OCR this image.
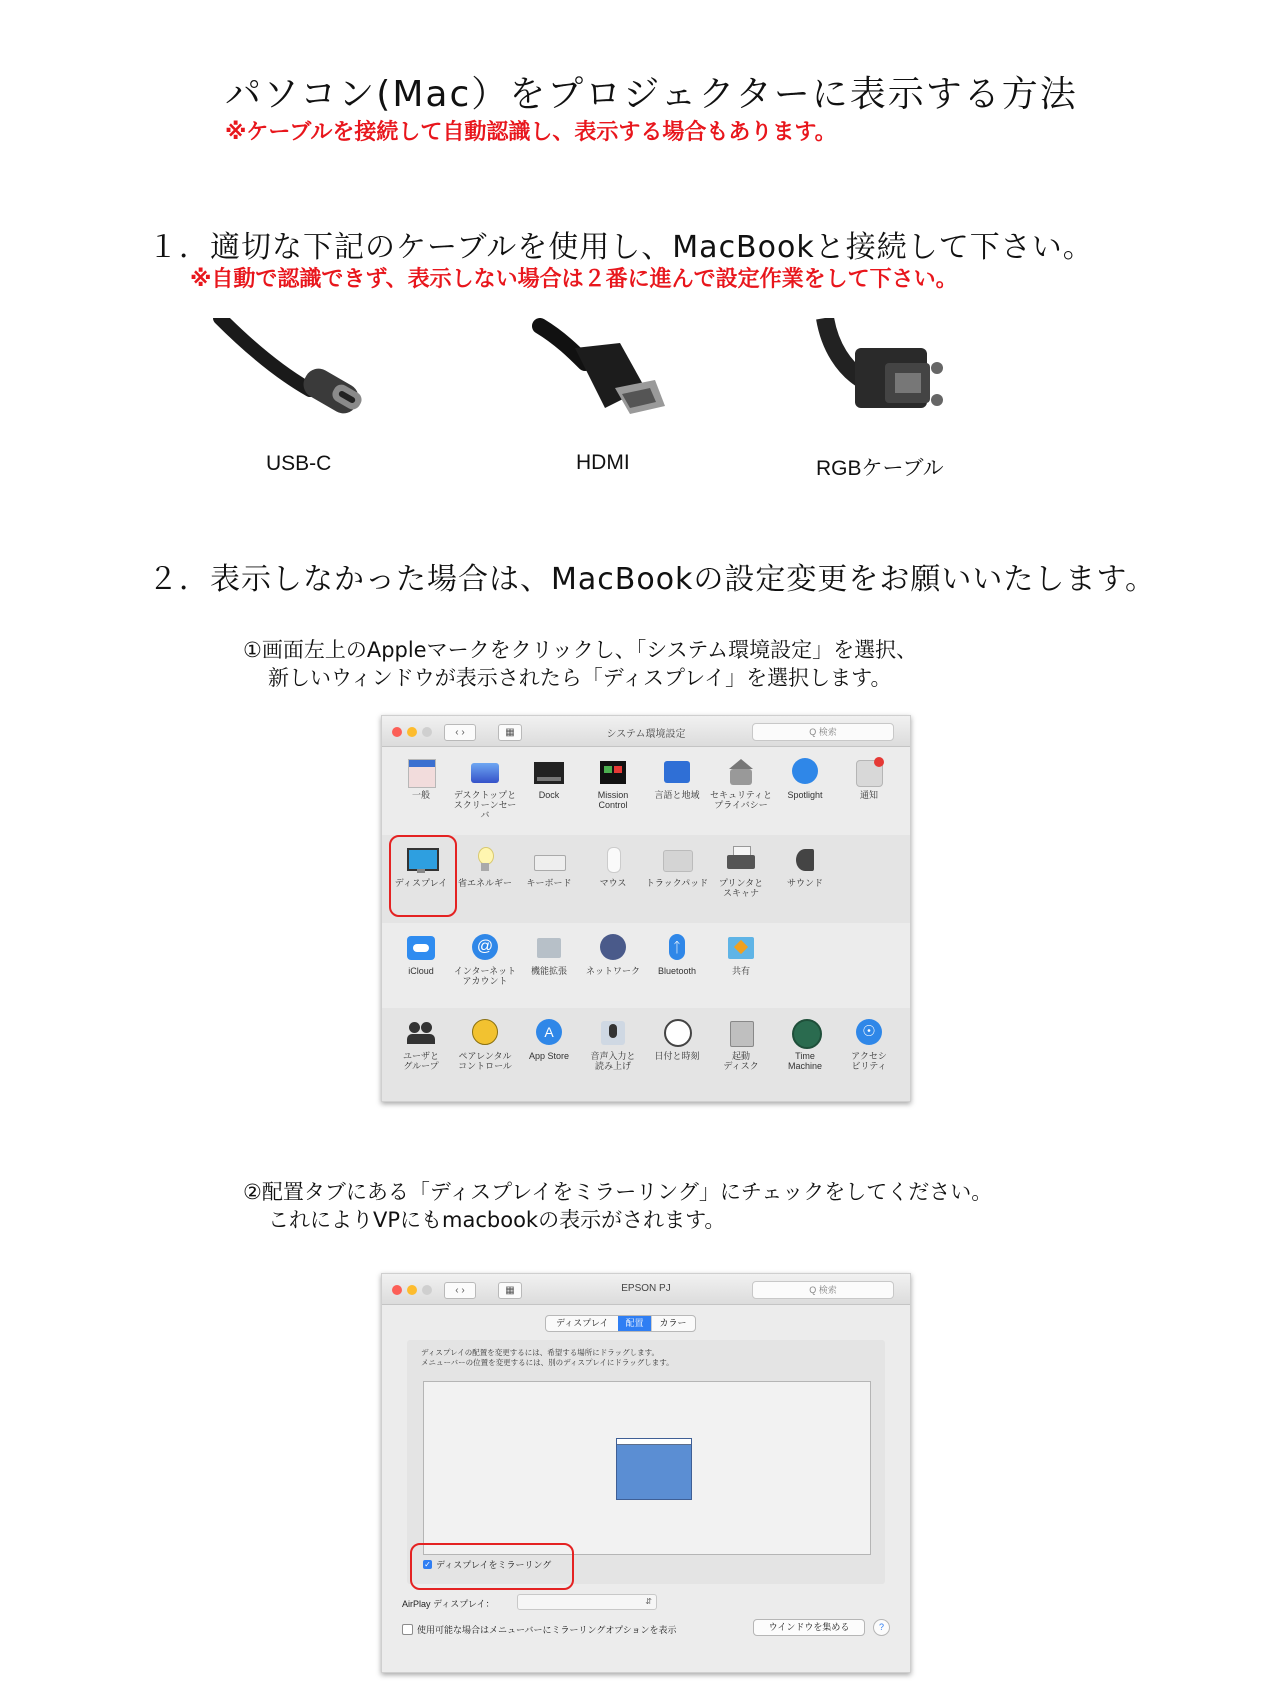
パソコン(Mac）をプロジェクターに表示する方法
※ケーブルを接続して自動認識し、表示する場合もあります。
１．適切な下記のケーブルを使用し、MacBookと接続して下さい。
※自動で認識できず、表示しない場合は２番に進んで設定作業をして下さい。
USB-C	HDMI	RGBケーブル
２．表示しなかった場合は、MacBookの設定変更をお願いいたします。
①画面左上のAppleマークをクリックし、「システム環境設定」を選択、
新しいウィンドウが表示されたら「ディスプレイ」を選択します。
‹ ›	▦	システム環境設定	Q 検索
一般	デスクトップと
スクリーンセーバ
Dock	Mission
Control
言語と地域	セキュリティと
プライバシー
Spotlight	通知
ディスプレイ	省エネルギー	キーボード	マウス	トラックパッド	プリンタと
スキャナ
サウンド
iCloud
@
インターネット
アカウント
機能拡張	ネットワーク
ᛏ
Bluetooth	共有
ユーザと
グループ
ペアレンタル
コントロール
A
App Store	音声入力と
読み上げ
日付と時刻	起動
ディスク
Time
Machine
☉
アクセシ
ビリティ
②配置タブにある「ディスプレイをミラーリング」にチェックをしてください。
これによりVPにもmacbookの表示がされます。
‹ ›	▦	EPSON PJ	Q 検索
ディスプレイ	配置	カラー
ディスプレイの配置を変更するには、希望する場所にドラッグします。
メニューバーの位置を変更するには、別のディスプレイにドラッグします。
✓ ディスプレイをミラーリング
AirPlay ディスプレイ：	⇵
使用可能な場合はメニューバーにミラーリングオプションを表示	ウインドウを集める	?
